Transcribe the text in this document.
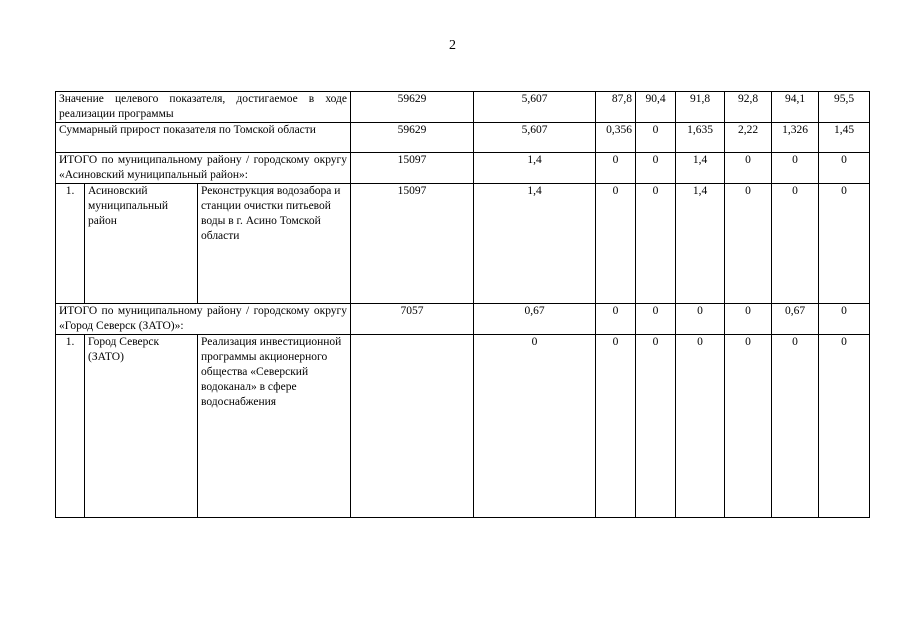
2
Значение целевого показателя, достигаемое в ходе реализации программы			59629	5,607	87,8	90,4	91,8	92,8	94,1	95,5
Суммарный прирост показателя по Томской области			59629	5,607	0,356	0	1,635	2,22	1,326	1,45
ИТОГО по муниципальному району / городскому округу «Асиновский муниципальный район»:			15097	1,4	0	0	1,4	0	0	0
1.	Асиновский муниципальный район	Реконструкция водозабора и станции очистки питьевой воды в г. Асино Томской области	15097	1,4	0	0	1,4	0	0	0
ИТОГО по муниципальному району / городскому округу «Город Северск (ЗАТО)»:			7057	0,67	0	0	0	0	0,67	0
1.	Город Северск (ЗАТО)	Реализация инвестиционной программы акционерного общества «Северский водоканал» в сфере водоснабжения		0	0	0	0	0	0	0
